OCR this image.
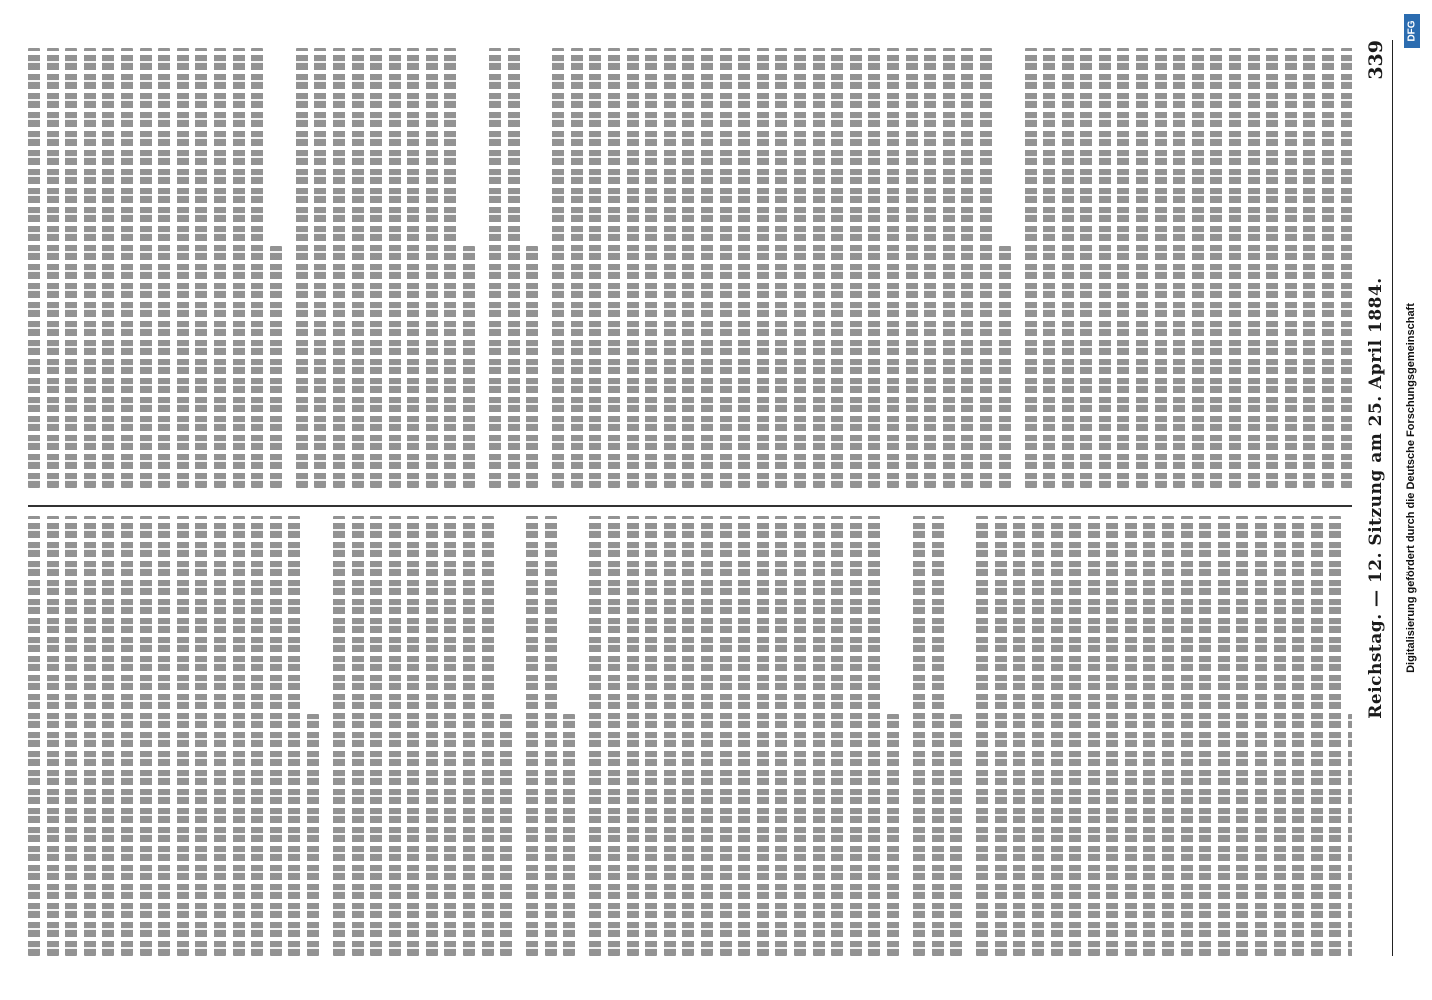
Reichstag. — 12. Sitzung am 25. April 1884.
339
Digitalisierung gefördert durch die Deutsche Forschungsgemeinschaft
DFG
